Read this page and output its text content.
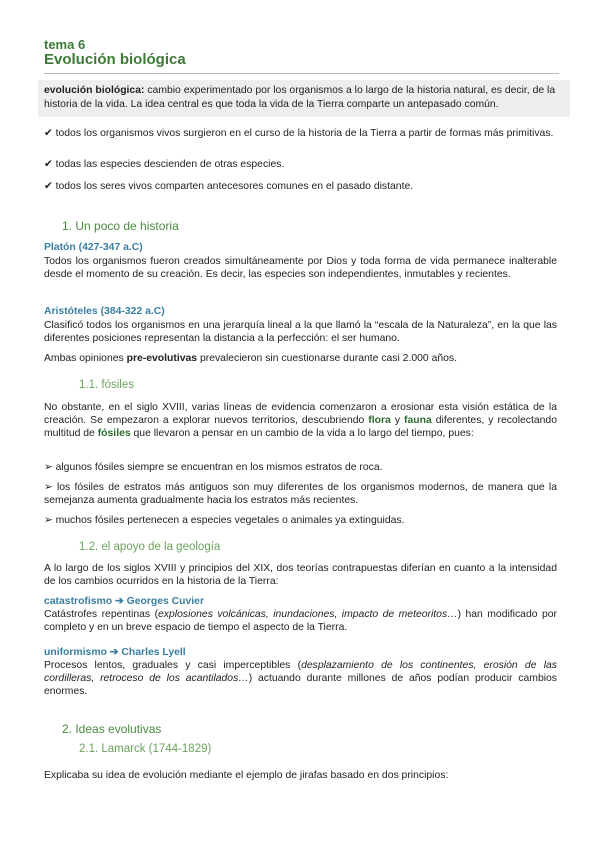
tema 6
Evolución biológica
evolución biológica: cambio experimentado por los organismos a lo largo de la historia natural, es decir, de la historia de la vida. La idea central es que toda la vida de la Tierra comparte un antepasado común.
✔ todos los organismos vivos surgieron en el curso de la historia de la Tierra a partir de formas más primitivas.
✔ todas las especies descienden de otras especies.
✔ todos los seres vivos comparten antecesores comunes en el pasado distante.
1. Un poco de historia
Platón (427-347 a.C)
Todos los organismos fueron creados simultáneamente por Dios y toda forma de vida permanece inalterable desde el momento de su creación. Es decir, las especies son independientes, inmutables y recientes.
Aristóteles (384-322 a.C)
Clasificó todos los organismos en una jerarquía lineal a la que llamó la “escala de la Naturaleza”, en la que las diferentes posiciones representan la distancia a la perfección: el ser humano.
Ambas opiniones pre-evolutivas prevalecieron sin cuestionarse durante casi 2.000 años.
1.1. fósiles
No obstante, en el siglo XVIII, varias líneas de evidencia comenzaron a erosionar esta visión estática de la creación. Se empezaron a explorar nuevos territorios, descubriendo flora y fauna diferentes, y recolectando multitud de fósiles que llevaron a pensar en un cambio de la vida a lo largo del tiempo, pues:
➢ algunos fósiles siempre se encuentran en los mismos estratos de roca.
➢ los fósiles de estratos más antiguos son muy diferentes de los organismos modernos, de manera que la semejanza aumenta gradualmente hacia los estratos más recientes.
➢ muchos fósiles pertenecen a especies vegetales o animales ya extinguidas.
1.2. el apoyo de la geología
A lo largo de los siglos XVIII y principios del XIX, dos teorías contrapuestas diferían en cuanto a la intensidad de los cambios ocurridos en la historia de la Tierra:
catastrofismo ➔ Georges Cuvier
Catástrofes repentinas (explosiones volcánicas, inundaciones, impacto de meteoritos…) han modificado por completo y en un breve espacio de tiempo el aspecto de la Tierra.
uniformismo ➔ Charles Lyell
Procesos lentos, graduales y casi imperceptibles (desplazamiento de los continentes, erosión de las cordilleras, retroceso de los acantilados…) actuando durante millones de años podían producir cambios enormes.
2. Ideas evolutivas
2.1. Lamarck (1744-1829)
Explicaba su idea de evolución mediante el ejemplo de jirafas basado en dos principios:
